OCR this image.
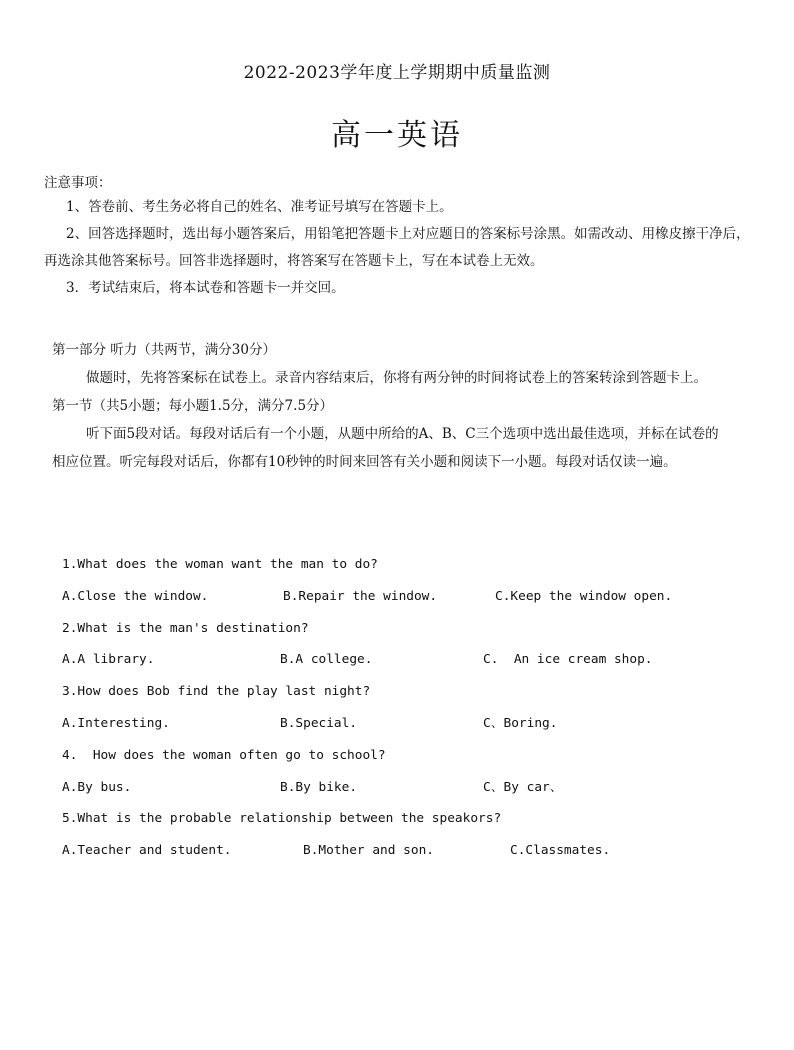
2022-2023学年度上学期期中质量监测
高一英语
注意事项：
1、答卷前、考生务必将自己的姓名、准考证号填写在答题卡上。
2、回答选择题时，选出每小题答案后，用铅笔把答题卡上对应题日的答案标号涂黑。如需改动、用橡皮擦干净后，再选涂其他答案标号。回答非选择题时，将答案写在答题卡上，写在本试卷上无效。
3．考试结束后，将本试卷和答题卡一并交回。
第一部分 听力（共两节，满分30分）
做题时，先将答案标在试卷上。录音内容结束后，你将有两分钟的时间将试卷上的答案转涂到答题卡上。
第一节（共5小题；每小题1.5分，满分7.5分）
听下面5段对话。每段对话后有一个小题，从题中所给的A、B、C三个选项中选出最佳选项，并标在试卷的相应位置。听完每段对话后，你都有10秒钟的时间来回答有关小题和阅读下一小题。每段对话仅读一遍。
1.What does the woman want the man to do?
A.Close the window.	B.Repair the window.	C.Keep the window open.
2.What is the man's destination?
A.A library.	B.A college.	C.  An ice cream shop.
3.How does Bob find the play last night?
A.Interesting.	B.Special.	C、Boring.
4.  How does the woman often go to school?
A.By bus.	B.By bike.	C、By car、
5.What is the probable relationship between the speakors?
A.Teacher and student.	B.Mother and son.	C.Classmates.
